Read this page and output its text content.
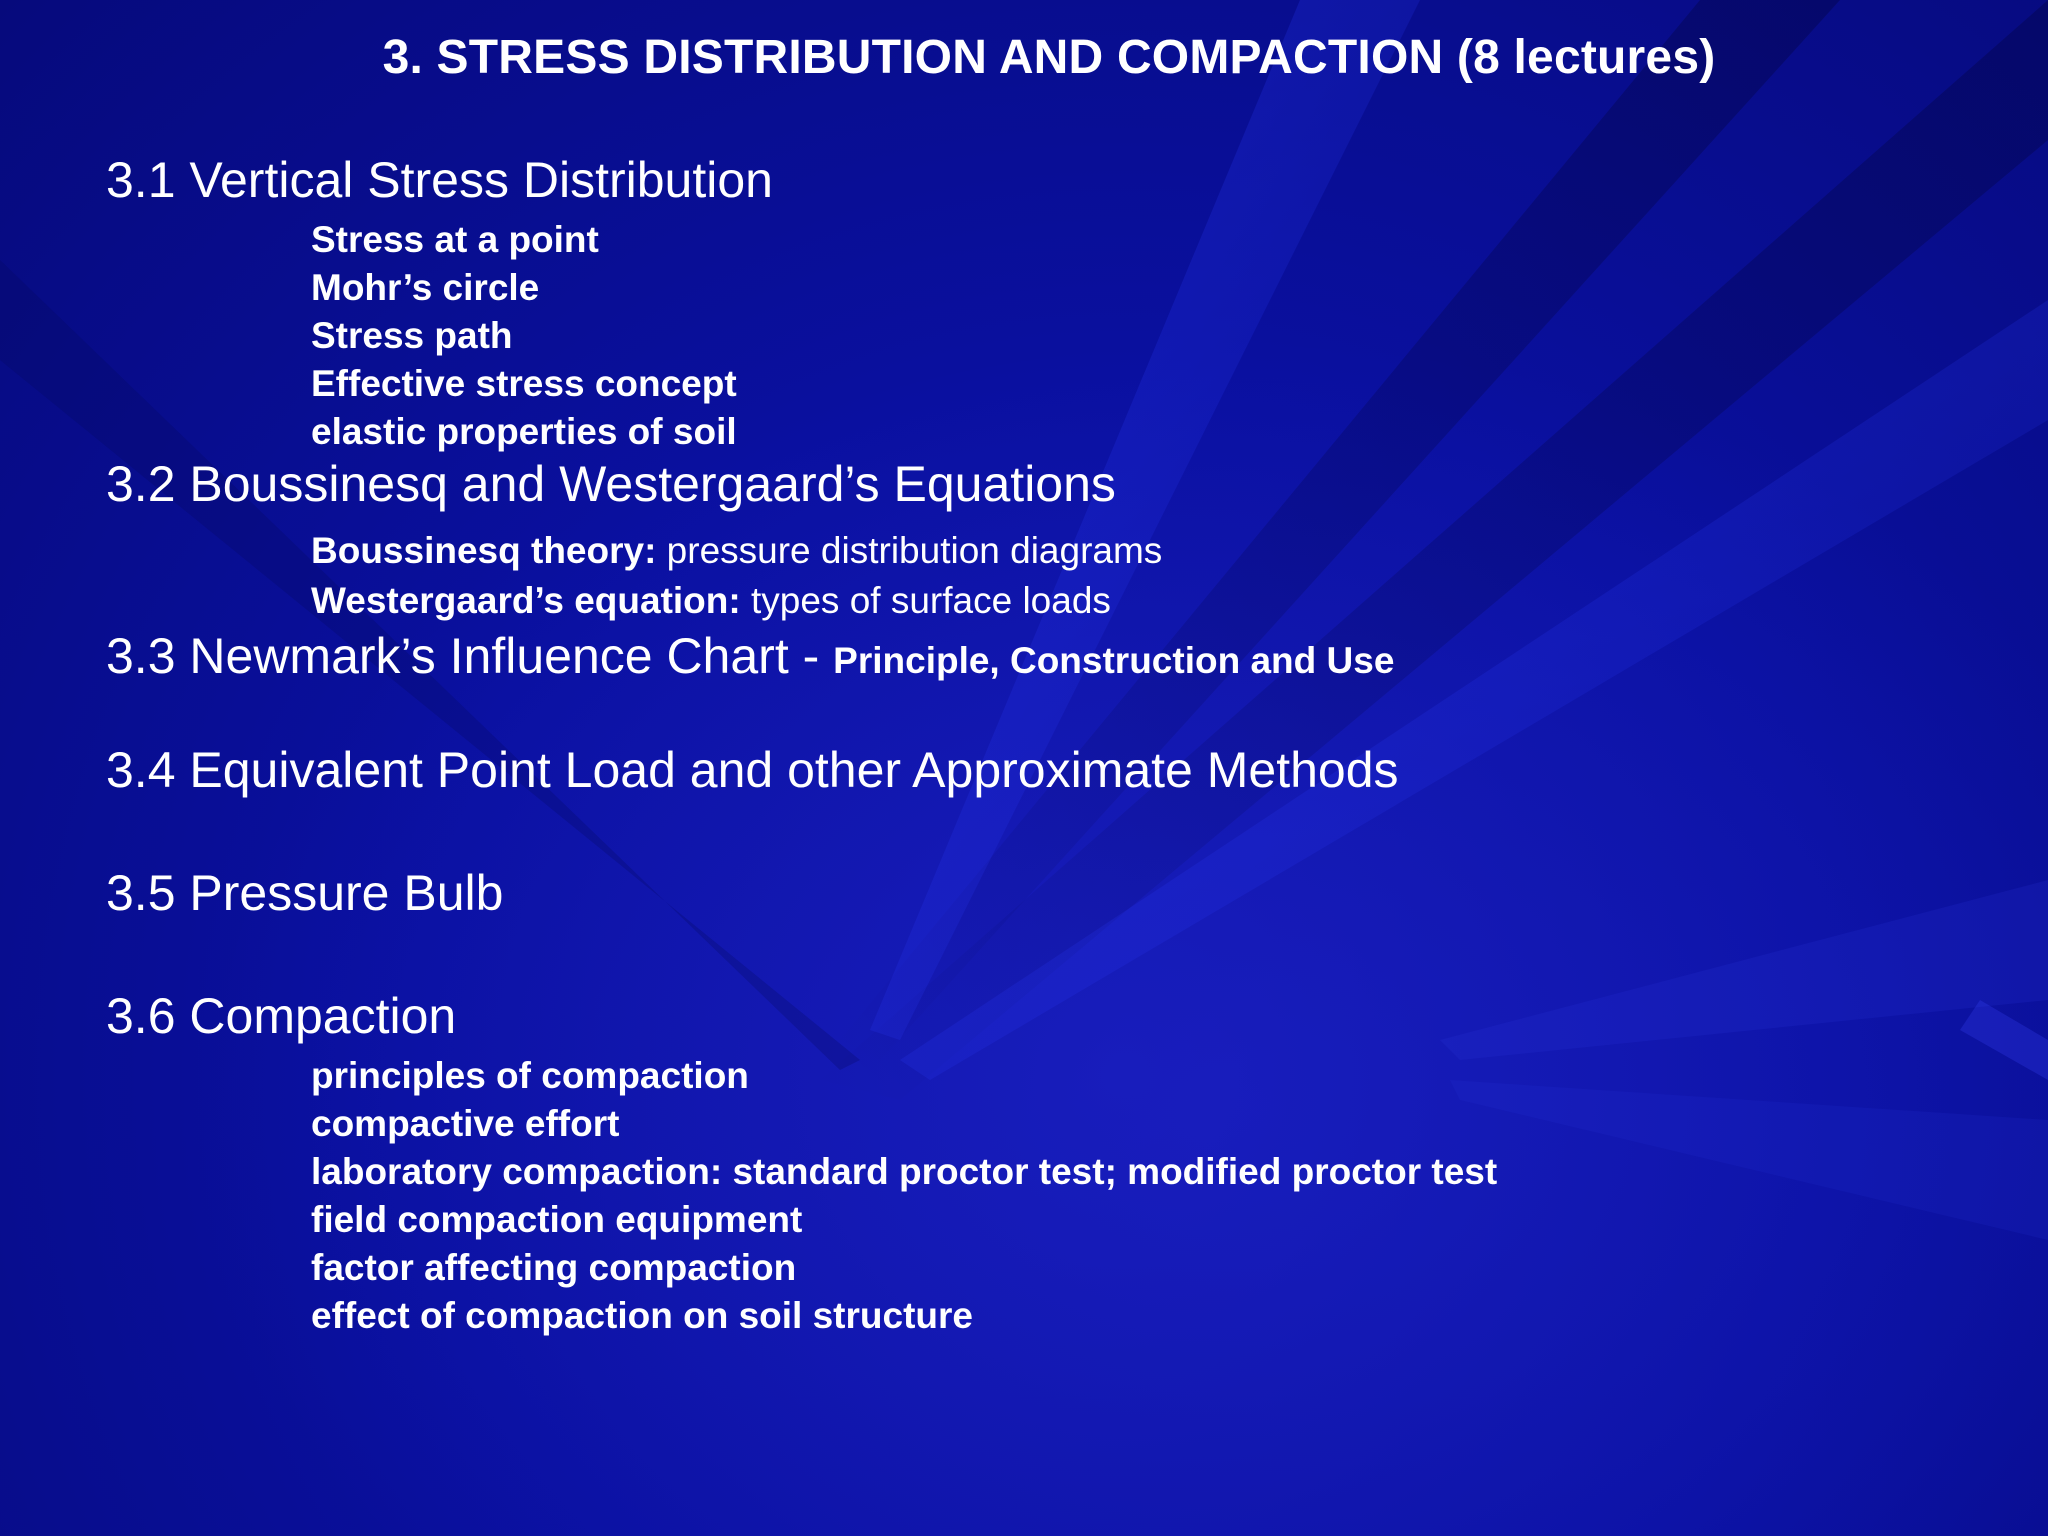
3. STRESS DISTRIBUTION AND COMPACTION (8 lectures)
3.1 Vertical Stress Distribution
Stress at a point
Mohr’s circle
Stress path
Effective stress concept
elastic properties of soil
3.2 Boussinesq and Westergaard’s Equations
Boussinesq theory: pressure distribution diagrams
Westergaard’s equation: types of surface loads
3.3 Newmark’s Influence Chart - Principle, Construction and Use
3.4 Equivalent Point Load and other Approximate Methods
3.5 Pressure Bulb
3.6 Compaction
principles of compaction
compactive effort
laboratory compaction: standard proctor test; modified proctor test
field compaction equipment
factor affecting compaction
effect of compaction on soil structure
